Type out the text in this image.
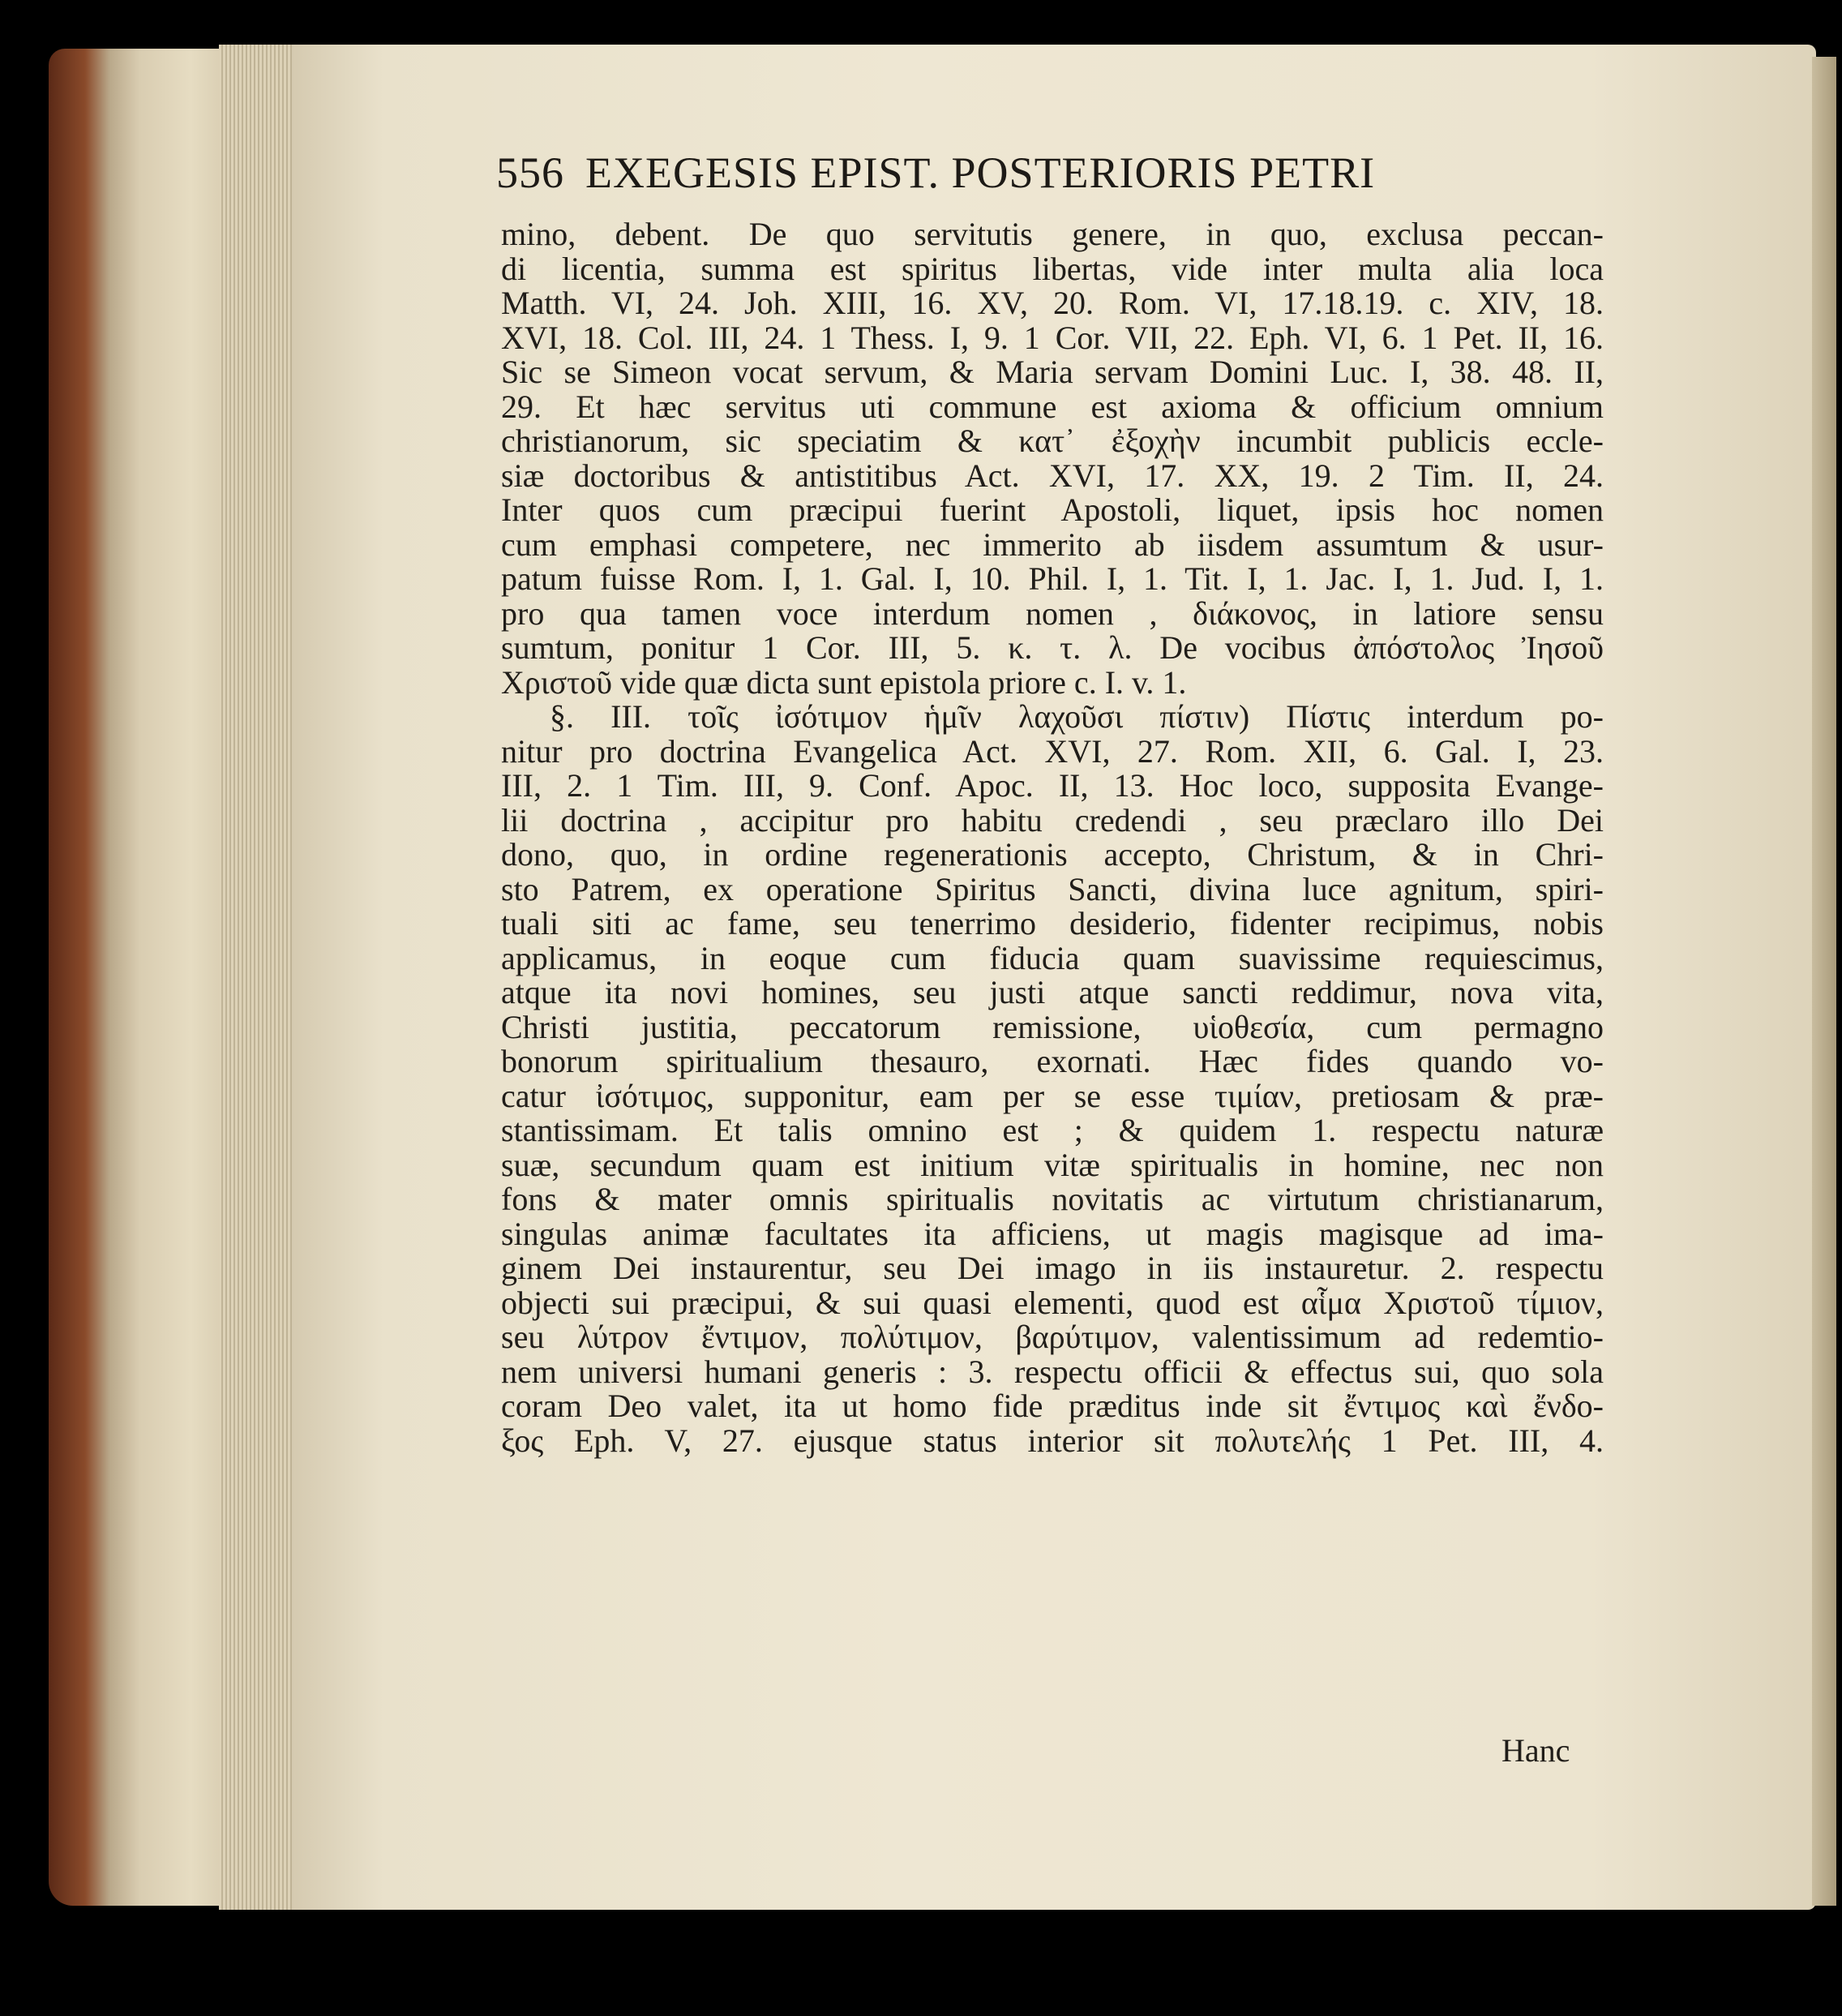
556 EXEGESIS EPIST. POSTERIORIS PETRI
mino, debent. De quo servitutis genere, in quo, exclusa peccan-
di licentia, summa est spiritus libertas, vide inter multa alia loca
Matth. VI, 24. Joh. XIII, 16. XV, 20. Rom. VI, 17.18.19. c. XIV, 18.
XVI, 18. Col. III, 24. 1 Thess. I, 9. 1 Cor. VII, 22. Eph. VI, 6. 1 Pet. II, 16.
Sic se Simeon vocat servum, & Maria servam Domini Luc. I, 38. 48. II,
29. Et hæc servitus uti commune est axioma & officium omnium
christianorum, sic speciatim & κατ᾽ ἐξοχὴν incumbit publicis eccle-
siæ doctoribus & antistitibus Act. XVI, 17. XX, 19. 2 Tim. II, 24.
Inter quos cum præcipui fuerint Apostoli, liquet, ipsis hoc nomen
cum emphasi competere, nec immerito ab iisdem assumtum & usur-
patum fuisse Rom. I, 1. Gal. I, 10. Phil. I, 1. Tit. I, 1. Jac. I, 1. Jud. I, 1.
pro qua tamen voce interdum nomen , διάκονος, in latiore sensu
sumtum, ponitur 1 Cor. III, 5. κ. τ. λ. De vocibus ἀπόστολος Ἰησοῦ
Χριστοῦ vide quæ dicta sunt epistola priore c. I. v. 1.
§. III. τοῖς ἰσότιμον ἡμῖν λαχοῦσι πίστιν) Πίστις interdum po-
nitur pro doctrina Evangelica Act. XVI, 27. Rom. XII, 6. Gal. I, 23.
III, 2. 1 Tim. III, 9. Conf. Apoc. II, 13. Hoc loco, supposita Evange-
lii doctrina , accipitur pro habitu credendi , seu præclaro illo Dei
dono, quo, in ordine regenerationis accepto, Christum, & in Chri-
sto Patrem, ex operatione Spiritus Sancti, divina luce agnitum, spiri-
tuali siti ac fame, seu tenerrimo desiderio, fidenter recipimus, nobis
applicamus, in eoque cum fiducia quam suavissime requiescimus,
atque ita novi homines, seu justi atque sancti reddimur, nova vita,
Christi justitia, peccatorum remissione, υἱοθεσία, cum permagno
bonorum spiritualium thesauro, exornati. Hæc fides quando vo-
catur ἰσότιμος, supponitur, eam per se esse τιμίαν, pretiosam & præ-
stantissimam. Et talis omnino est ; & quidem 1. respectu naturæ
suæ, secundum quam est initium vitæ spiritualis in homine, nec non
fons & mater omnis spiritualis novitatis ac virtutum christianarum,
singulas animæ facultates ita afficiens, ut magis magisque ad ima-
ginem Dei instaurentur, seu Dei imago in iis instauretur. 2. respectu
objecti sui præcipui, & sui quasi elementi, quod est αἷμα Χριστοῦ τίμιον,
seu λύτρον ἔντιμον, πολύτιμον, βαρύτιμον, valentissimum ad redemtio-
nem universi humani generis : 3. respectu officii & effectus sui, quo sola
coram Deo valet, ita ut homo fide præditus inde sit ἔντιμος καὶ ἔνδο-
ξος Eph. V, 27. ejusque status interior sit πολυτελής 1 Pet. III, 4.
Hanc
